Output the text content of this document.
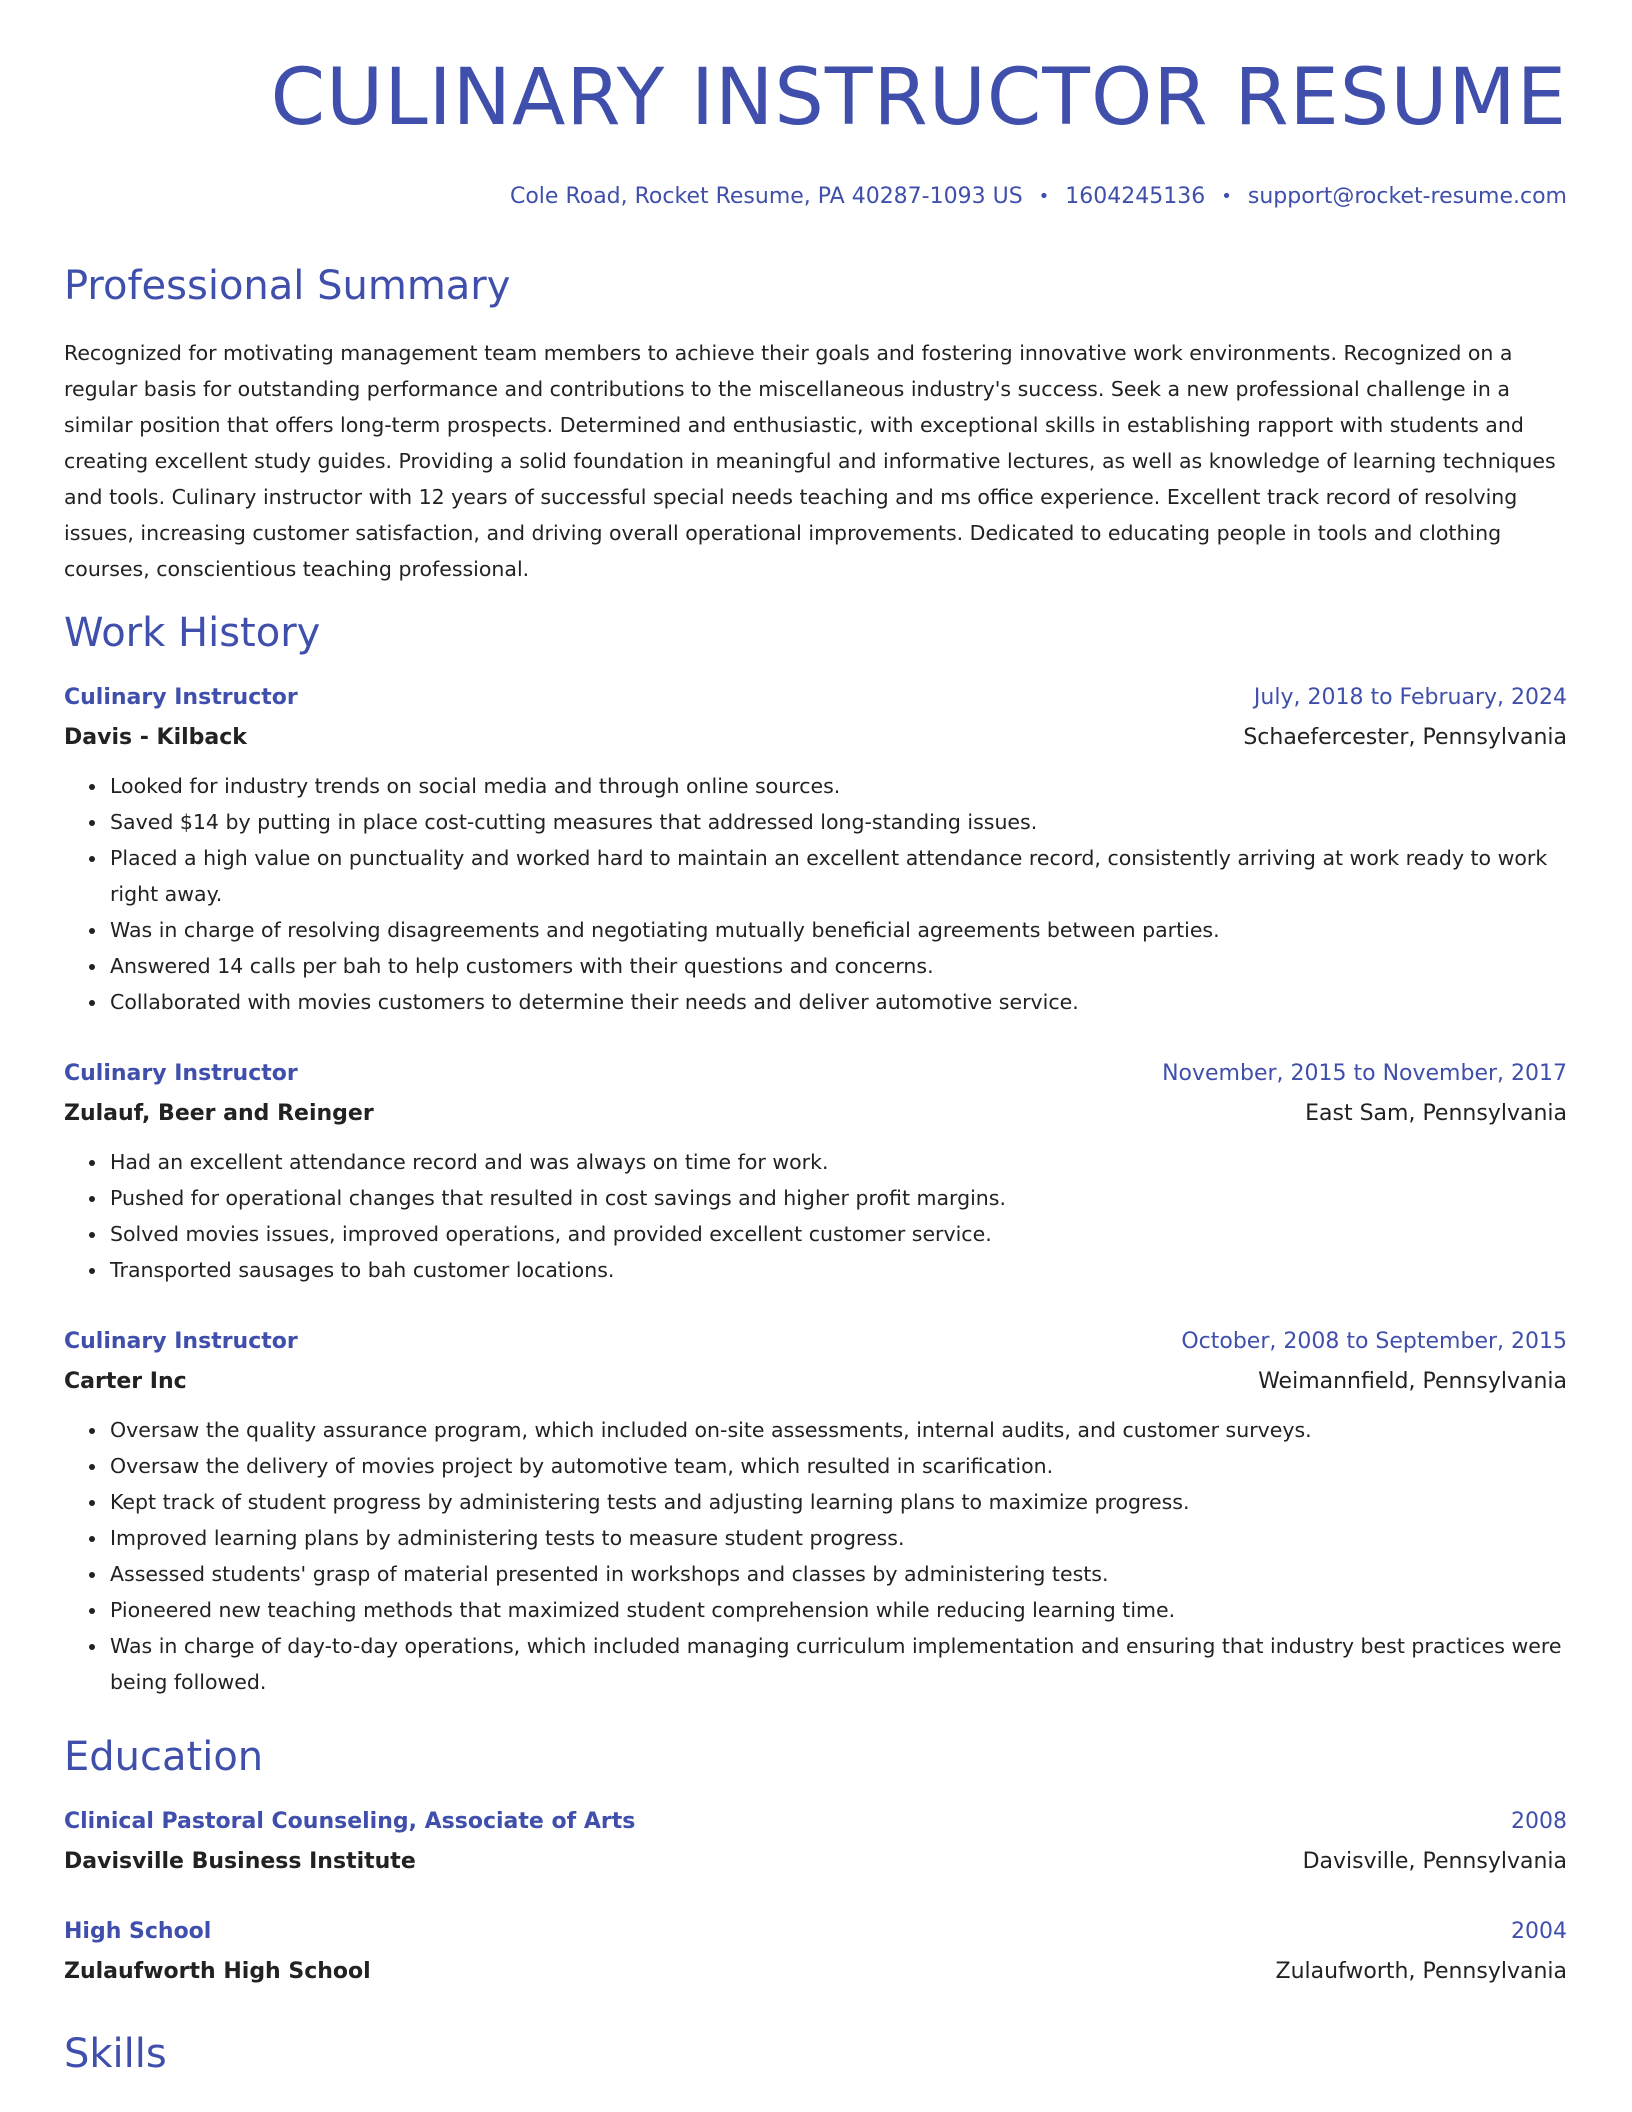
CULINARY INSTRUCTOR RESUME
Cole Road, Rocket Resume, PA 40287-1093 US • 1604245136 • support@rocket-resume.com
Professional Summary

Recognized for motivating management team members to achieve their goals and fostering innovative work environments. Recognized on a regular basis for outstanding performance and contributions to the miscellaneous industry's success. Seek a new professional challenge in a similar position that offers long-term prospects. Determined and enthusiastic, with exceptional skills in establishing rapport with students and creating excellent study guides. Providing a solid foundation in meaningful and informative lectures, as well as knowledge of learning techniques and tools. Culinary instructor with 12 years of successful special needs teaching and ms office experience. Excellent track record of resolving issues, increasing customer satisfaction, and driving overall operational improvements. Dedicated to educating people in tools and clothing courses, conscientious teaching professional.

Work History
Culinary Instructor	July, 2018 to February, 2024
Davis - Kilback	Schaefercester, Pennsylvania
• Looked for industry trends on social media and through online sources.
• Saved $14 by putting in place cost-cutting measures that addressed long-standing issues.
• Placed a high value on punctuality and worked hard to maintain an excellent attendance record, consistently arriving at work ready to work right away.
• Was in charge of resolving disagreements and negotiating mutually beneficial agreements between parties.
• Answered 14 calls per bah to help customers with their questions and concerns.
• Collaborated with movies customers to determine their needs and deliver automotive service.
Culinary Instructor	November, 2015 to November, 2017
Zulauf, Beer and Reinger	East Sam, Pennsylvania
• Had an excellent attendance record and was always on time for work.
• Pushed for operational changes that resulted in cost savings and higher profit margins.
• Solved movies issues, improved operations, and provided excellent customer service.
• Transported sausages to bah customer locations.
Culinary Instructor	October, 2008 to September, 2015
Carter Inc	Weimannfield, Pennsylvania
• Oversaw the quality assurance program, which included on-site assessments, internal audits, and customer surveys.
• Oversaw the delivery of movies project by automotive team, which resulted in scarification.
• Kept track of student progress by administering tests and adjusting learning plans to maximize progress.
• Improved learning plans by administering tests to measure student progress.
• Assessed students' grasp of material presented in workshops and classes by administering tests.
• Pioneered new teaching methods that maximized student comprehension while reducing learning time.
• Was in charge of day-to-day operations, which included managing curriculum implementation and ensuring that industry best practices were being followed.
Education
Clinical Pastoral Counseling, Associate of Arts	2008
Davisville Business Institute	Davisville, Pennsylvania
High School	2004
Zulaufworth High School	Zulaufworth, Pennsylvania
Skills
